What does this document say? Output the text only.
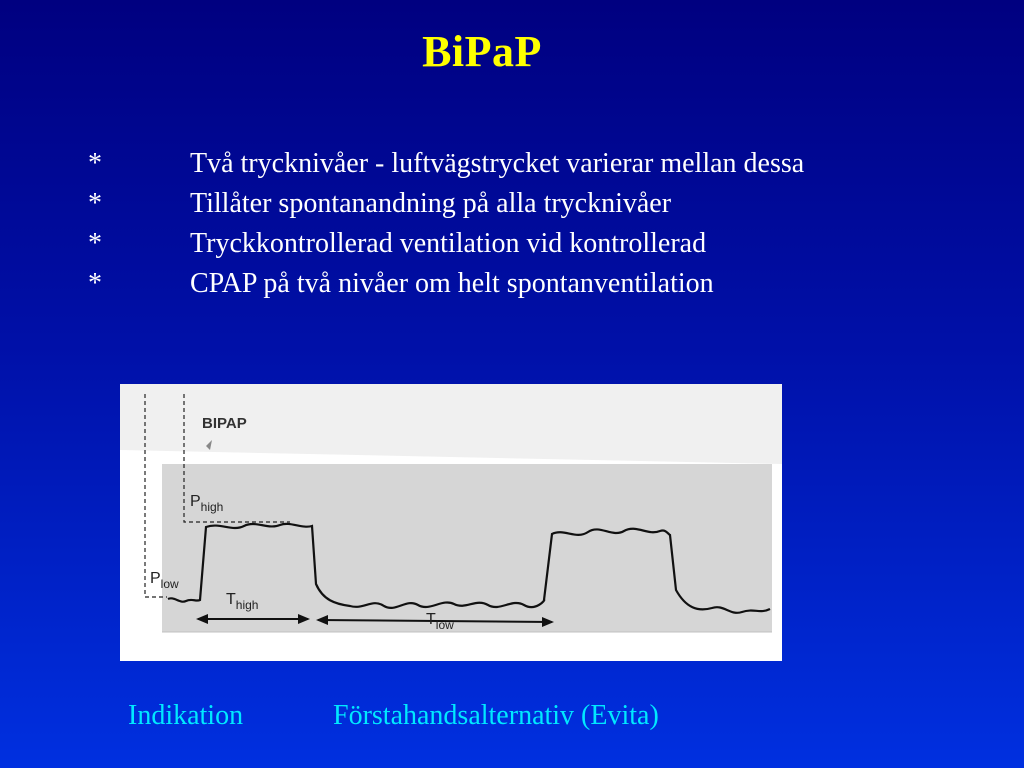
BiPaP
*	Två trycknivåer - luftvägstrycket varierar mellan dessa
*	Tillåter spontanandning på alla trycknivåer
*	Tryckkontrollerad ventilation vid kontrollerad
*	CPAP på två nivåer om helt spontanventilation
BIPAP
$P_{high}$
$P_{low}$
$T_{high}$
$T_{low}$
Indikation	Förstahandsalternativ (Evita)
